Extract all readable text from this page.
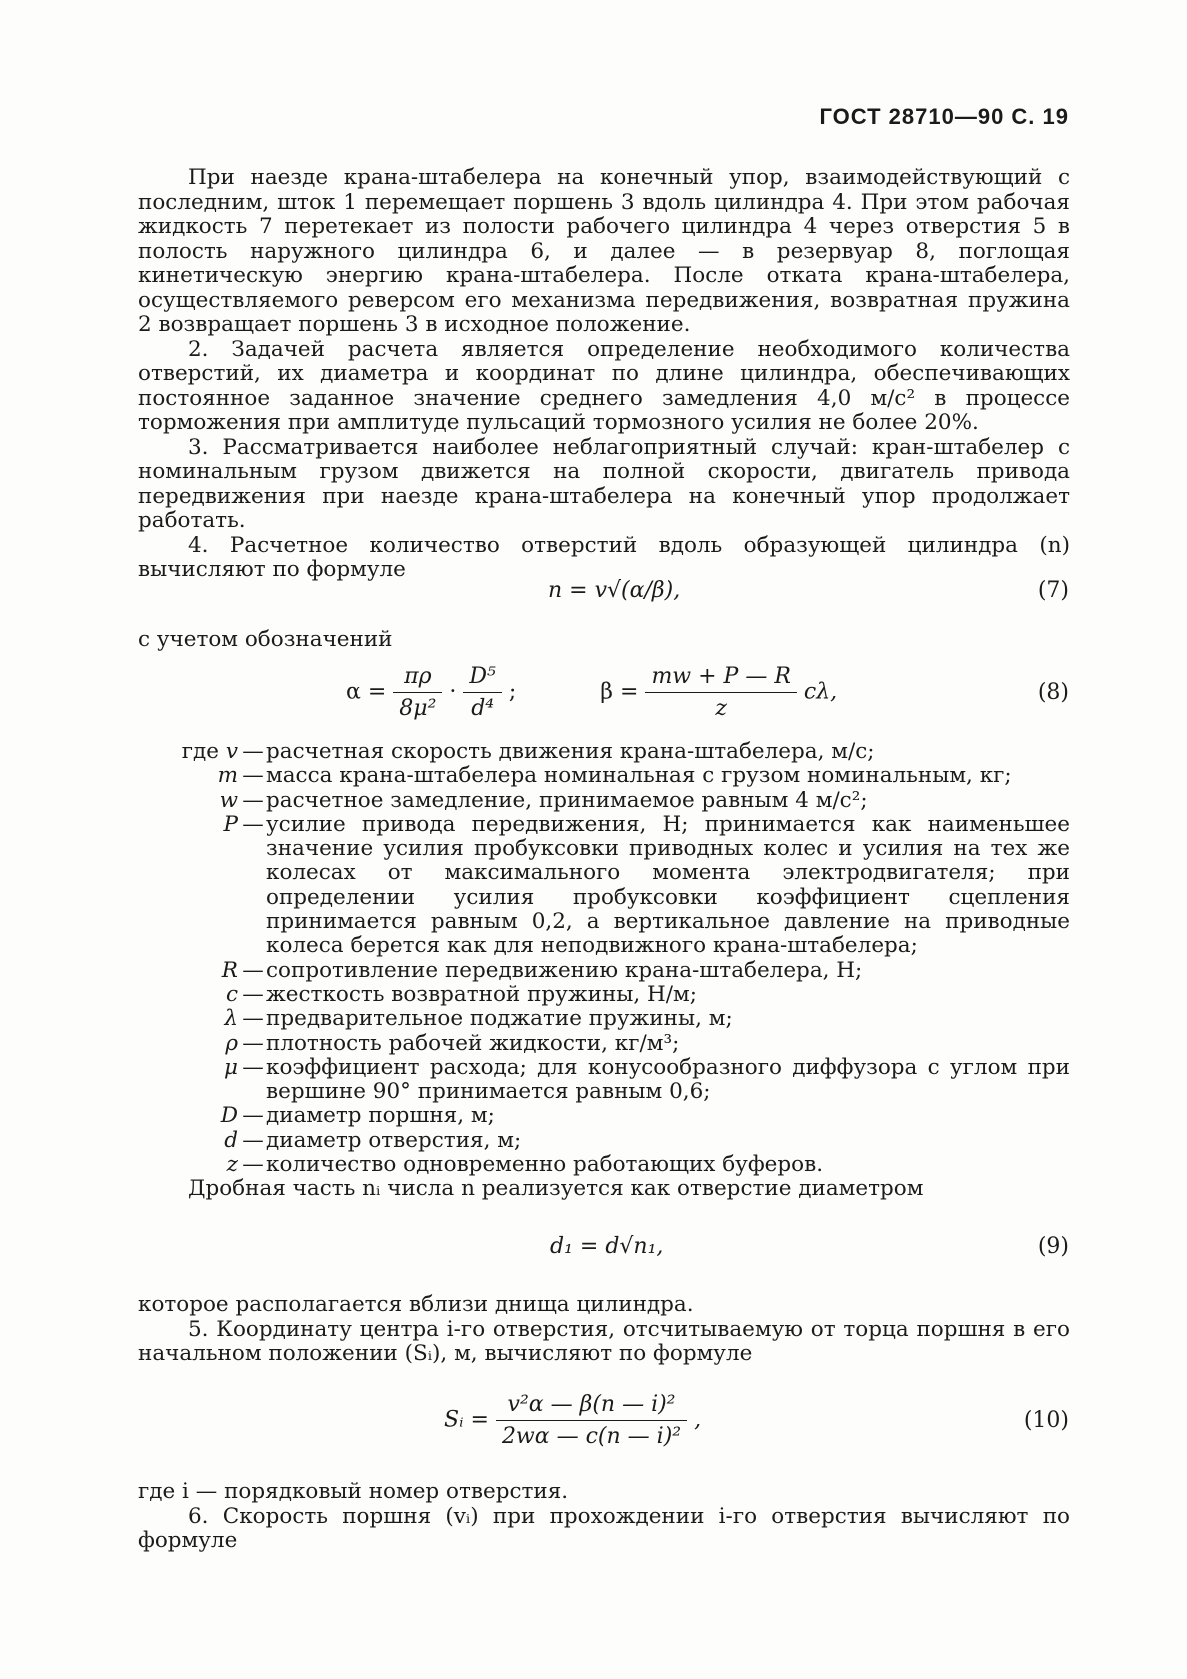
ГОСТ 28710—90 С. 19

При наезде крана-штабелера на конечный упор, взаимодействующий с последним, шток 1 перемещает поршень 3 вдоль цилиндра 4. При этом рабочая жидкость 7 перетекает из полости рабочего цилиндра 4 через отверстия 5 в полость наружного цилиндра 6, и далее — в резервуар 8, поглощая кинетическую энергию крана-штабелера. После отката крана-штабелера, осуществляемого реверсом его механизма передвижения, возвратная пружина 2 возвращает поршень 3 в исходное положение.

2. Задачей расчета является определение необходимого количества отверстий, их диаметра и координат по длине цилиндра, обеспечивающих постоянное заданное значение среднего замедления 4,0 м/с² в процессе торможения при амплитуде пульсаций тормозного усилия не более 20%.

3. Рассматривается наиболее неблагоприятный случай: кран-штабелер с номинальным грузом движется на полной скорости, двигатель привода передвижения при наезде крана-штабелера на конечный упор продолжает работать.

4. Расчетное количество отверстий вдоль образующей цилиндра (n) вычисляют по формуле

n = v√(α/β),	(7)

с учетом обозначений

$\alpha = \frac{\pi\rho}{\text{8μ²}} \cdot \frac{\text{D⁵}}{\text{d⁴}}$ ;	$\beta = \frac{mw + P — R}{z} c\lambda$,	(8)
где v — расчетная скорость движения крана-штабелера, м/с;
m — масса крана-штабелера номинальная с грузом номинальным, кг;
w — расчетное замедление, принимаемое равным 4 м/с²;
P — усилие привода передвижения, Н; принимается как наименьшее значение усилия пробуксовки приводных колес и усилия на тех же колесах от максимального момента электродвигателя; при определении усилия пробуксовки коэффициент сцепления принимается равным 0,2, а вертикальное давление на приводные колеса берется как для неподвижного крана-штабелера;
R — сопротивление передвижению крана-штабелера, Н;
c — жесткость возвратной пружины, Н/м;
λ — предварительное поджатие пружины, м;
ρ — плотность рабочей жидкости, кг/м³;
μ — коэффициент расхода; для конусообразного диффузора с углом при вершине 90° принимается равным 0,6;
D — диаметр поршня, м;
d — диаметр отверстия, м;
z — количество одновременно работающих буферов.

Дробная часть nᵢ числа n реализуется как отверстие диаметром

d₁ = d√n₁,	(9)

которое располагается вблизи днища цилиндра.

5. Координату центра i-го отверстия, отсчитываемую от торца поршня в его начальном положении (Sᵢ), м, вычисляют по формуле

Sᵢ = $\frac{\text{v²α — β(n — i)²}}{\text{2wα — c(n — i)²}}$ ,	(10)

где i — порядковый номер отверстия.

6. Скорость поршня (vᵢ) при прохождении i-го отверстия вычисляют по формуле
